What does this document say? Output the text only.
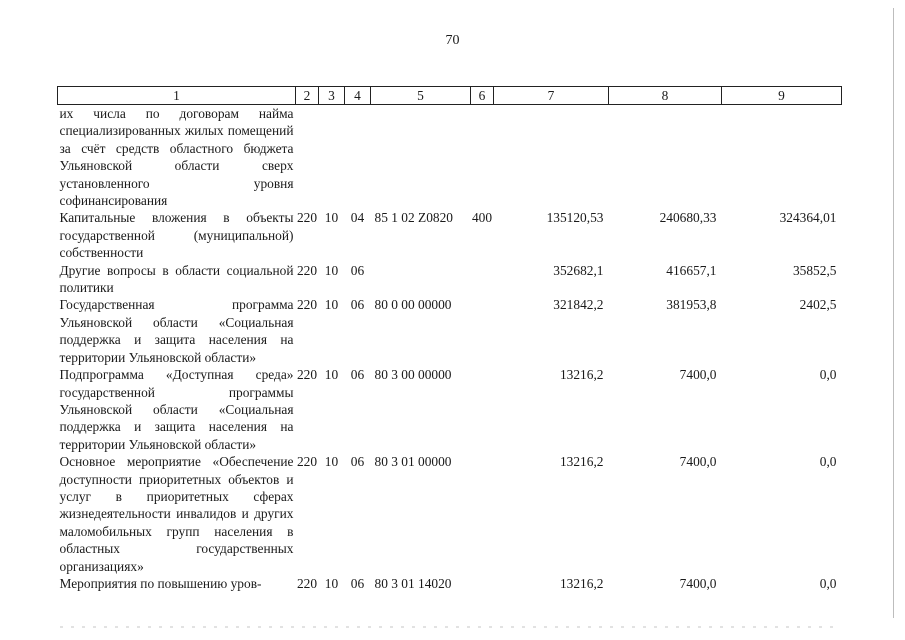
70
1	2	3	4	5	6	7	8	9
их числа по договорам найма специализированных жилых помещений за счёт средств областного бюджета Ульяновской области сверх установленного уровня софинансирования								
Капитальные вложения в объекты государственной (муниципальной) собственности	220	10	04	85 1 02 Z0820	400	135120,53	240680,33	324364,01
Другие вопросы в области социальной политики	220	10	06			352682,1	416657,1	35852,5
Государственная программа Ульяновской области «Социальная поддержка и защита населения на территории Ульяновской области»	220	10	06	80 0 00 00000		321842,2	381953,8	2402,5
Подпрограмма «Доступная среда» государственной программы Ульяновской области «Социальная поддержка и защита населения на территории Ульяновской области»	220	10	06	80 3 00 00000		13216,2	7400,0	0,0
Основное мероприятие «Обеспечение доступности приоритетных объектов и услуг в приоритетных сферах жизнедеятельности инвалидов и других маломобильных групп населения в областных государственных организациях»	220	10	06	80 3 01 00000		13216,2	7400,0	0,0
Мероприятия по повышению уров-	220	10	06	80 3 01 14020		13216,2	7400,0	0,0
